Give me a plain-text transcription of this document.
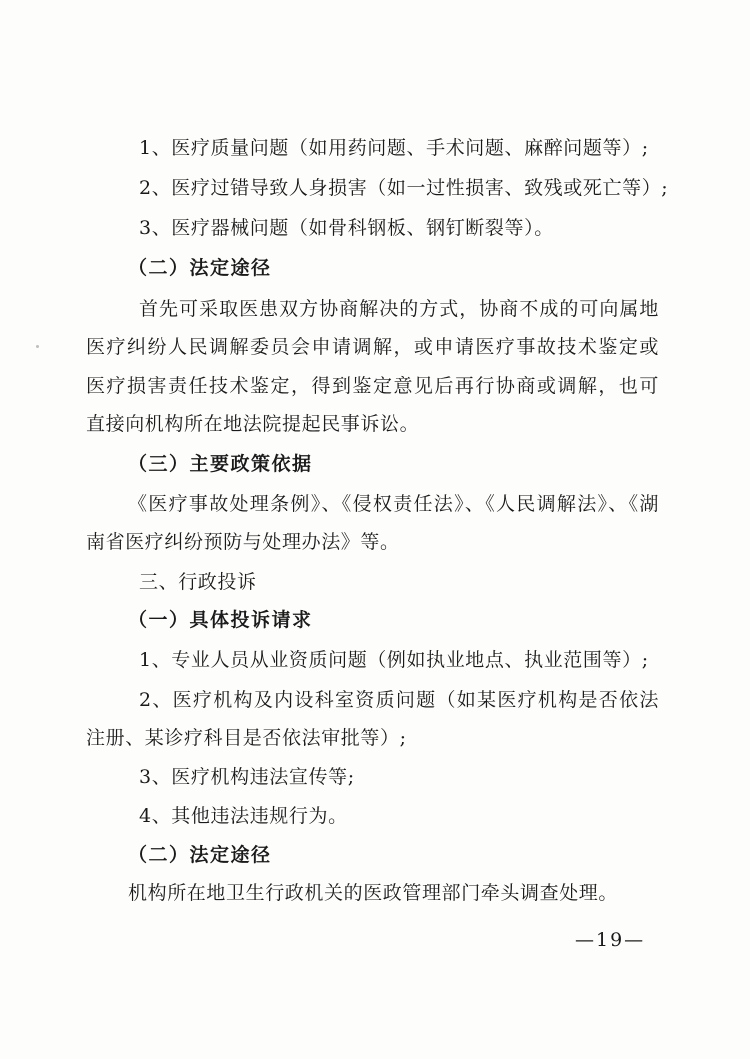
1、医疗质量问题（如用药问题、手术问题、麻醉问题等）;
2、医疗过错导致人身损害（如一过性损害、致残或死亡等）;
3、医疗器械问题（如骨科钢板、钢钉断裂等）。
（二）法定途径
首先可采取医患双方协商解决的方式，协商不成的可向属地
医疗纠纷人民调解委员会申请调解，或申请医疗事故技术鉴定或
医疗损害责任技术鉴定，得到鉴定意见后再行协商或调解，也可
直接向机构所在地法院提起民事诉讼。
（三）主要政策依据
《医疗事故处理条例》、《侵权责任法》、《人民调解法》、《湖
南省医疗纠纷预防与处理办法》等。
三、行政投诉
（一）具体投诉请求
1、专业人员从业资质问题（例如执业地点、执业范围等）;
2、医疗机构及内设科室资质问题（如某医疗机构是否依法
注册、某诊疗科目是否依法审批等）;
3、医疗机构违法宣传等;
4、其他违法违规行为。
（二）法定途径
机构所在地卫生行政机关的医政管理部门牵头调查处理。
—19—
